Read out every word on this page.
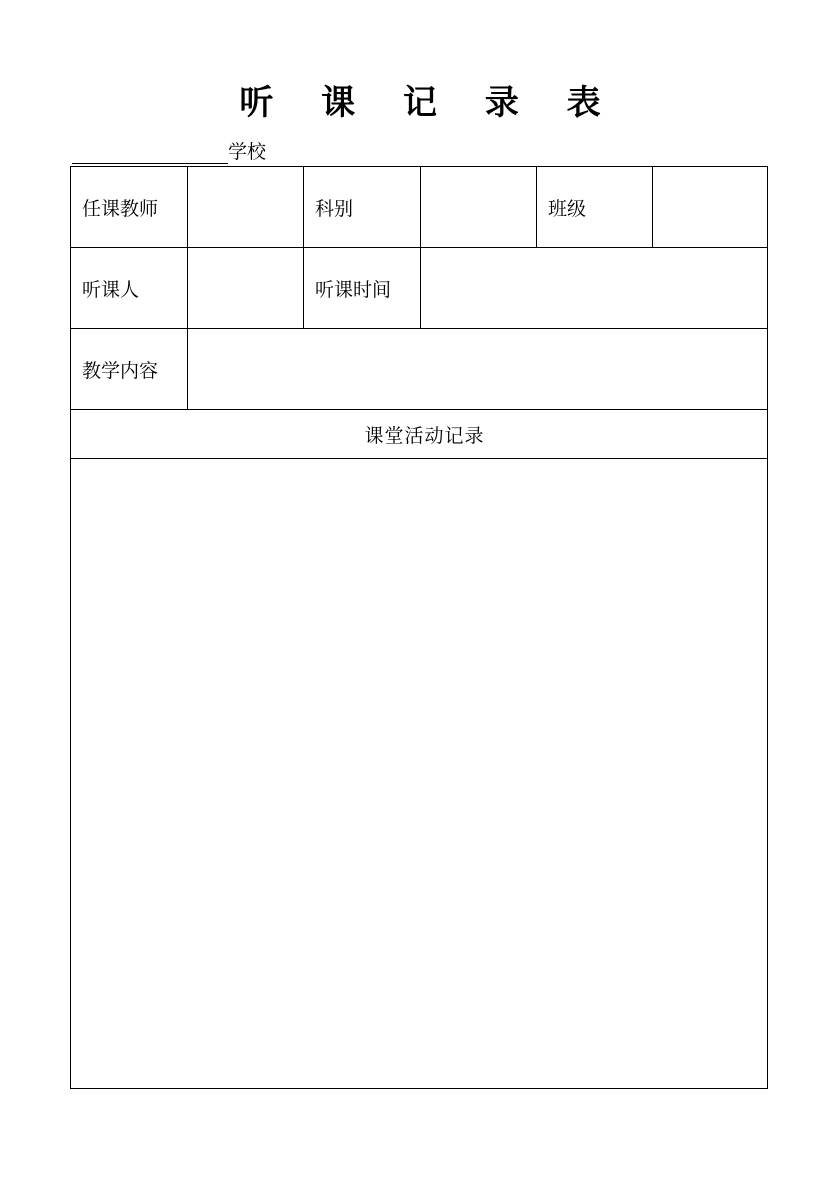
听 课 记 录 表
学校
任课教师		科别		班级	
听课人		听课时间			
教学内容					
课堂活动记录					
